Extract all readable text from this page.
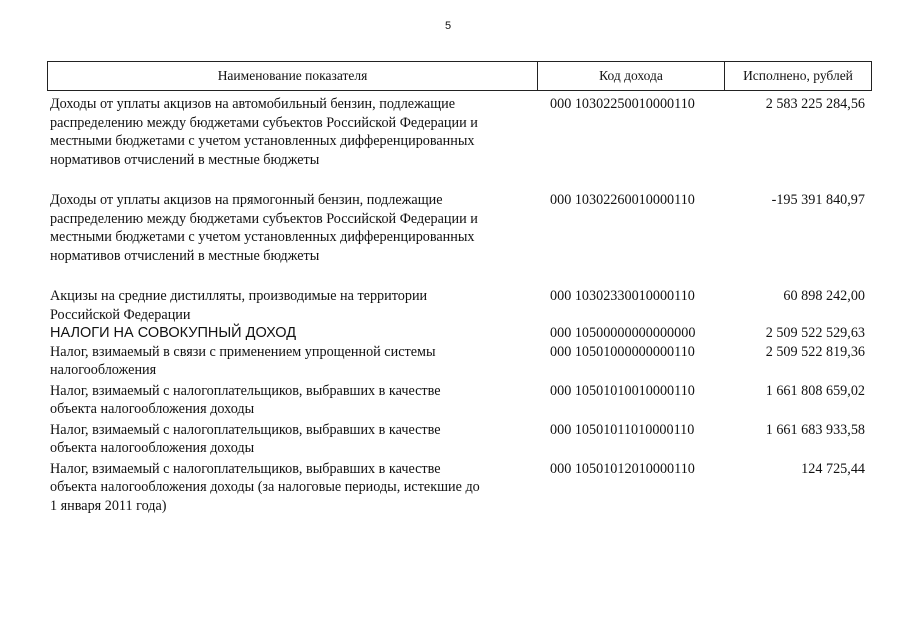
5
Наименование показателя	Код дохода	Исполнено, рублей
Доходы от уплаты акцизов на автомобильный бензин, подлежащие
распределению между бюджетами субъектов Российской Федерации и
местными бюджетами с учетом установленных дифференцированных
нормативов отчислений в местные бюджеты
000 10302250010000110	2 583 225 284,56
Доходы от уплаты акцизов на прямогонный бензин, подлежащие
распределению между бюджетами субъектов Российской Федерации и
местными бюджетами с учетом установленных дифференцированных
нормативов отчислений в местные бюджеты
000 10302260010000110	-195 391 840,97
Акцизы на средние дистилляты, производимые на территории
Российской Федерации
000 10302330010000110	60 898 242,00
НАЛОГИ НА СОВОКУПНЫЙ ДОХОД	000 10500000000000000	2 509 522 529,63
Налог, взимаемый в связи с применением упрощенной системы
налогообложения
000 10501000000000110	2 509 522 819,36
Налог, взимаемый с налогоплательщиков, выбравших в качестве
объекта налогообложения доходы
000 10501010010000110	1 661 808 659,02
Налог, взимаемый с налогоплательщиков, выбравших в качестве
объекта налогообложения доходы
000 10501011010000110	1 661 683 933,58
Налог, взимаемый с налогоплательщиков, выбравших в качестве
объекта налогообложения доходы (за налоговые периоды, истекшие до
1 января 2011 года)
000 10501012010000110	124 725,44
